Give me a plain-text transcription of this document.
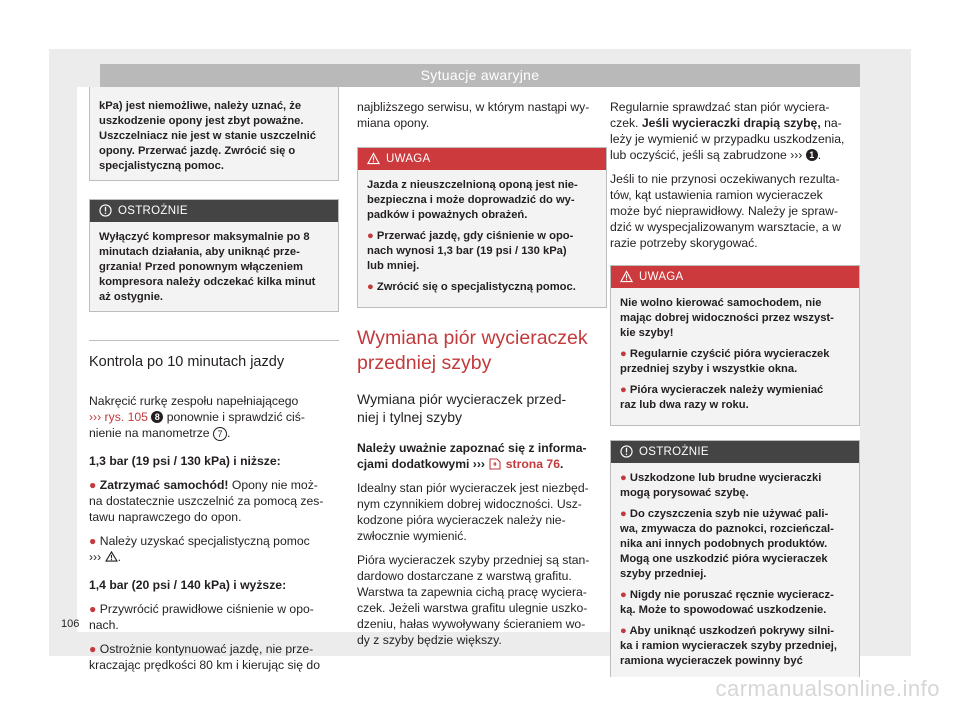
Sytuacje awaryjne

kPa) jest niemożliwe, należy uznać, że
uszkodzenie opony jest zbyt poważne.
Uszczelniacz nie jest w stanie uszczelnić
opony. Przerwać jazdę. Zwrócić się o
specjalistyczną pomoc.

OSTROŻNIE

Wyłączyć kompresor maksymalnie po 8
minutach działania, aby uniknąć prze-
grzania! Przed ponownym włączeniem
kompresora należy odczekać kilka minut
aż ostygnie.

Kontrola po 10 minutach jazdy

Nakręcić rurkę zespołu napełniającego
››› rys. 105 8 ponownie i sprawdzić ciś-
nienie na manometrze 7 .

1,3 bar (19 psi / 130 kPa) i niższe:

● Zatrzymać samochód! Opony nie moż-
na dostatecznie uszczelnić za pomocą zes-
tawu naprawczego do opon.

● Należy uzyskać specjalistyczną pomoc
››› .

1,4 bar (20 psi / 140 kPa) i wyższe:

● Przywrócić prawidłowe ciśnienie w opo-
nach.

● Ostrożnie kontynuować jazdę, nie prze-
kraczając prędkości 80 km i kierując się do

najbliższego serwisu, w którym nastąpi wy-
miana opony.

UWAGA

Jazda z nieuszczelnioną oponą jest nie-
bezpieczna i może doprowadzić do wy-
padków i poważnych obrażeń.

● Przerwać jazdę, gdy ciśnienie w opo-
nach wynosi 1,3 bar (19 psi / 130 kPa)
lub mniej.

● Zwrócić się o specjalistyczną pomoc.

Wymiana piór wycieraczek
przedniej szyby
Wymiana piór wycieraczek przed-
niej i tylnej szyby

Należy uważnie zapoznać się z informa-
cjami dodatkowymi ››› strona 76.

Idealny stan piór wycieraczek jest niezbęd-
nym czynnikiem dobrej widoczności. Usz-
kodzone pióra wycieraczek należy nie-
zwłocznie wymienić.

Pióra wycieraczek szyby przedniej są stan-
dardowo dostarczane z warstwą grafitu.
Warstwa ta zapewnia cichą pracę wyciera-
czek. Jeżeli warstwa grafitu ulegnie uszko-
dzeniu, hałas wywoływany ścieraniem wo-
dy z szyby będzie większy.

Regularnie sprawdzać stan piór wyciera-
czek. Jeśli wycieraczki drapią szybę, na-
leży je wymienić w przypadku uszkodzenia,
lub oczyścić, jeśli są zabrudzone ››› 1 .

Jeśli to nie przynosi oczekiwanych rezulta-
tów, kąt ustawienia ramion wycieraczek
może być nieprawidłowy. Należy je spraw-
dzić w wyspecjalizowanym warsztacie, a w
razie potrzeby skorygować.

UWAGA

Nie wolno kierować samochodem, nie
mając dobrej widoczności przez wszyst-
kie szyby!

● Regularnie czyścić pióra wycieraczek
przedniej szyby i wszystkie okna.

● Pióra wycieraczek należy wymieniać
raz lub dwa razy w roku.

OSTROŻNIE

● Uszkodzone lub brudne wycieraczki
mogą porysować szybę.

● Do czyszczenia szyb nie używać pali-
wa, zmywacza do paznokci, rozcieńczal-
nika ani innych podobnych produktów.
Mogą one uszkodzić pióra wycieraczek
szyby przedniej.

● Nigdy nie poruszać ręcznie wycieracz-
ką. Może to spowodować uszkodzenie.

● Aby uniknąć uszkodzeń pokrywy silni-
ka i ramion wycieraczek szyby przedniej,
ramiona wycieraczek powinny być

106
carmanualsonline.info
